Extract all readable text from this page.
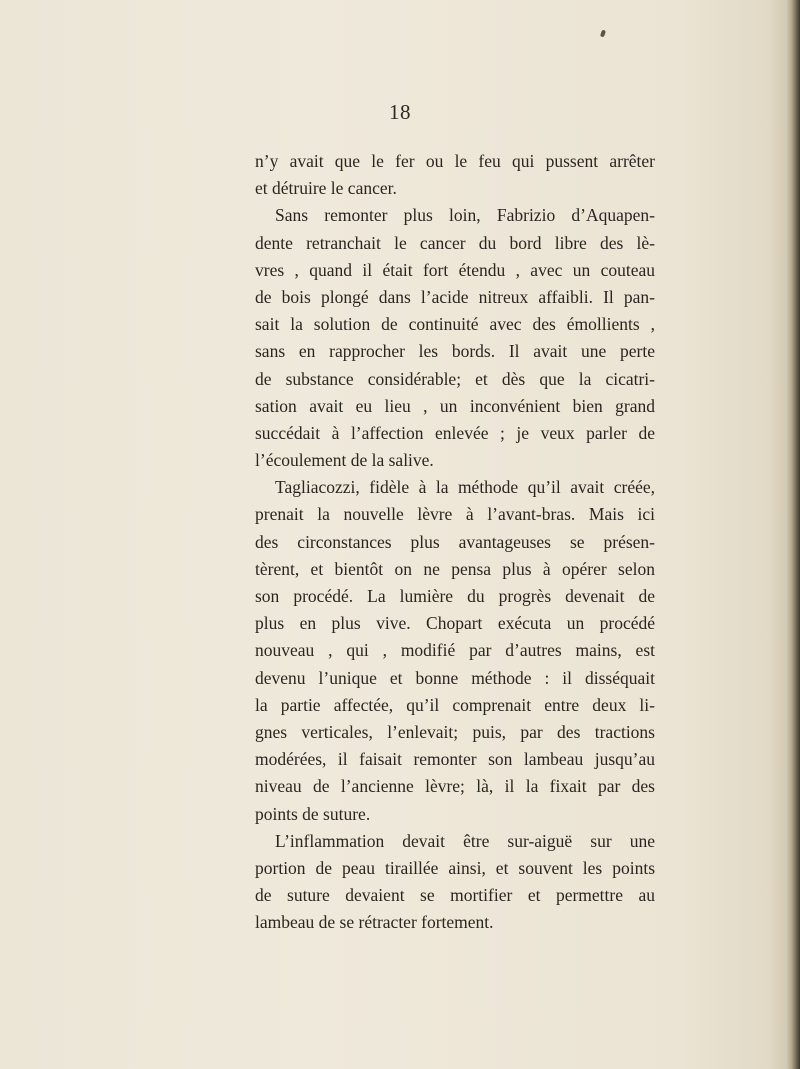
18
n’y avait que le fer ou le feu qui pussent arrêter
et détruire le cancer.
Sans remonter plus loin, Fabrizio d’Aquapen-
dente retranchait le cancer du bord libre des lè-
vres , quand il était fort étendu , avec un couteau
de bois plongé dans l’acide nitreux affaibli. Il pan-
sait la solution de continuité avec des émollients ,
sans en rapprocher les bords. Il avait une perte
de substance considérable; et dès que la cicatri-
sation avait eu lieu , un inconvénient bien grand
succédait à l’affection enlevée ; je veux parler de
l’écoulement de la salive.
Tagliacozzi, fidèle à la méthode qu’il avait créée,
prenait la nouvelle lèvre à l’avant-bras. Mais ici
des circonstances plus avantageuses se présen-
tèrent, et bientôt on ne pensa plus à opérer selon
son procédé. La lumière du progrès devenait de
plus en plus vive. Chopart exécuta un procédé
nouveau , qui , modifié par d’autres mains, est
devenu l’unique et bonne méthode : il disséquait
la partie affectée, qu’il comprenait entre deux li-
gnes verticales, l’enlevait; puis, par des tractions
modérées, il faisait remonter son lambeau jusqu’au
niveau de l’ancienne lèvre; là, il la fixait par des
points de suture.
L’inflammation devait être sur-aiguë sur une
portion de peau tiraillée ainsi, et souvent les points
de suture devaient se mortifier et permettre au
lambeau de se rétracter fortement.
